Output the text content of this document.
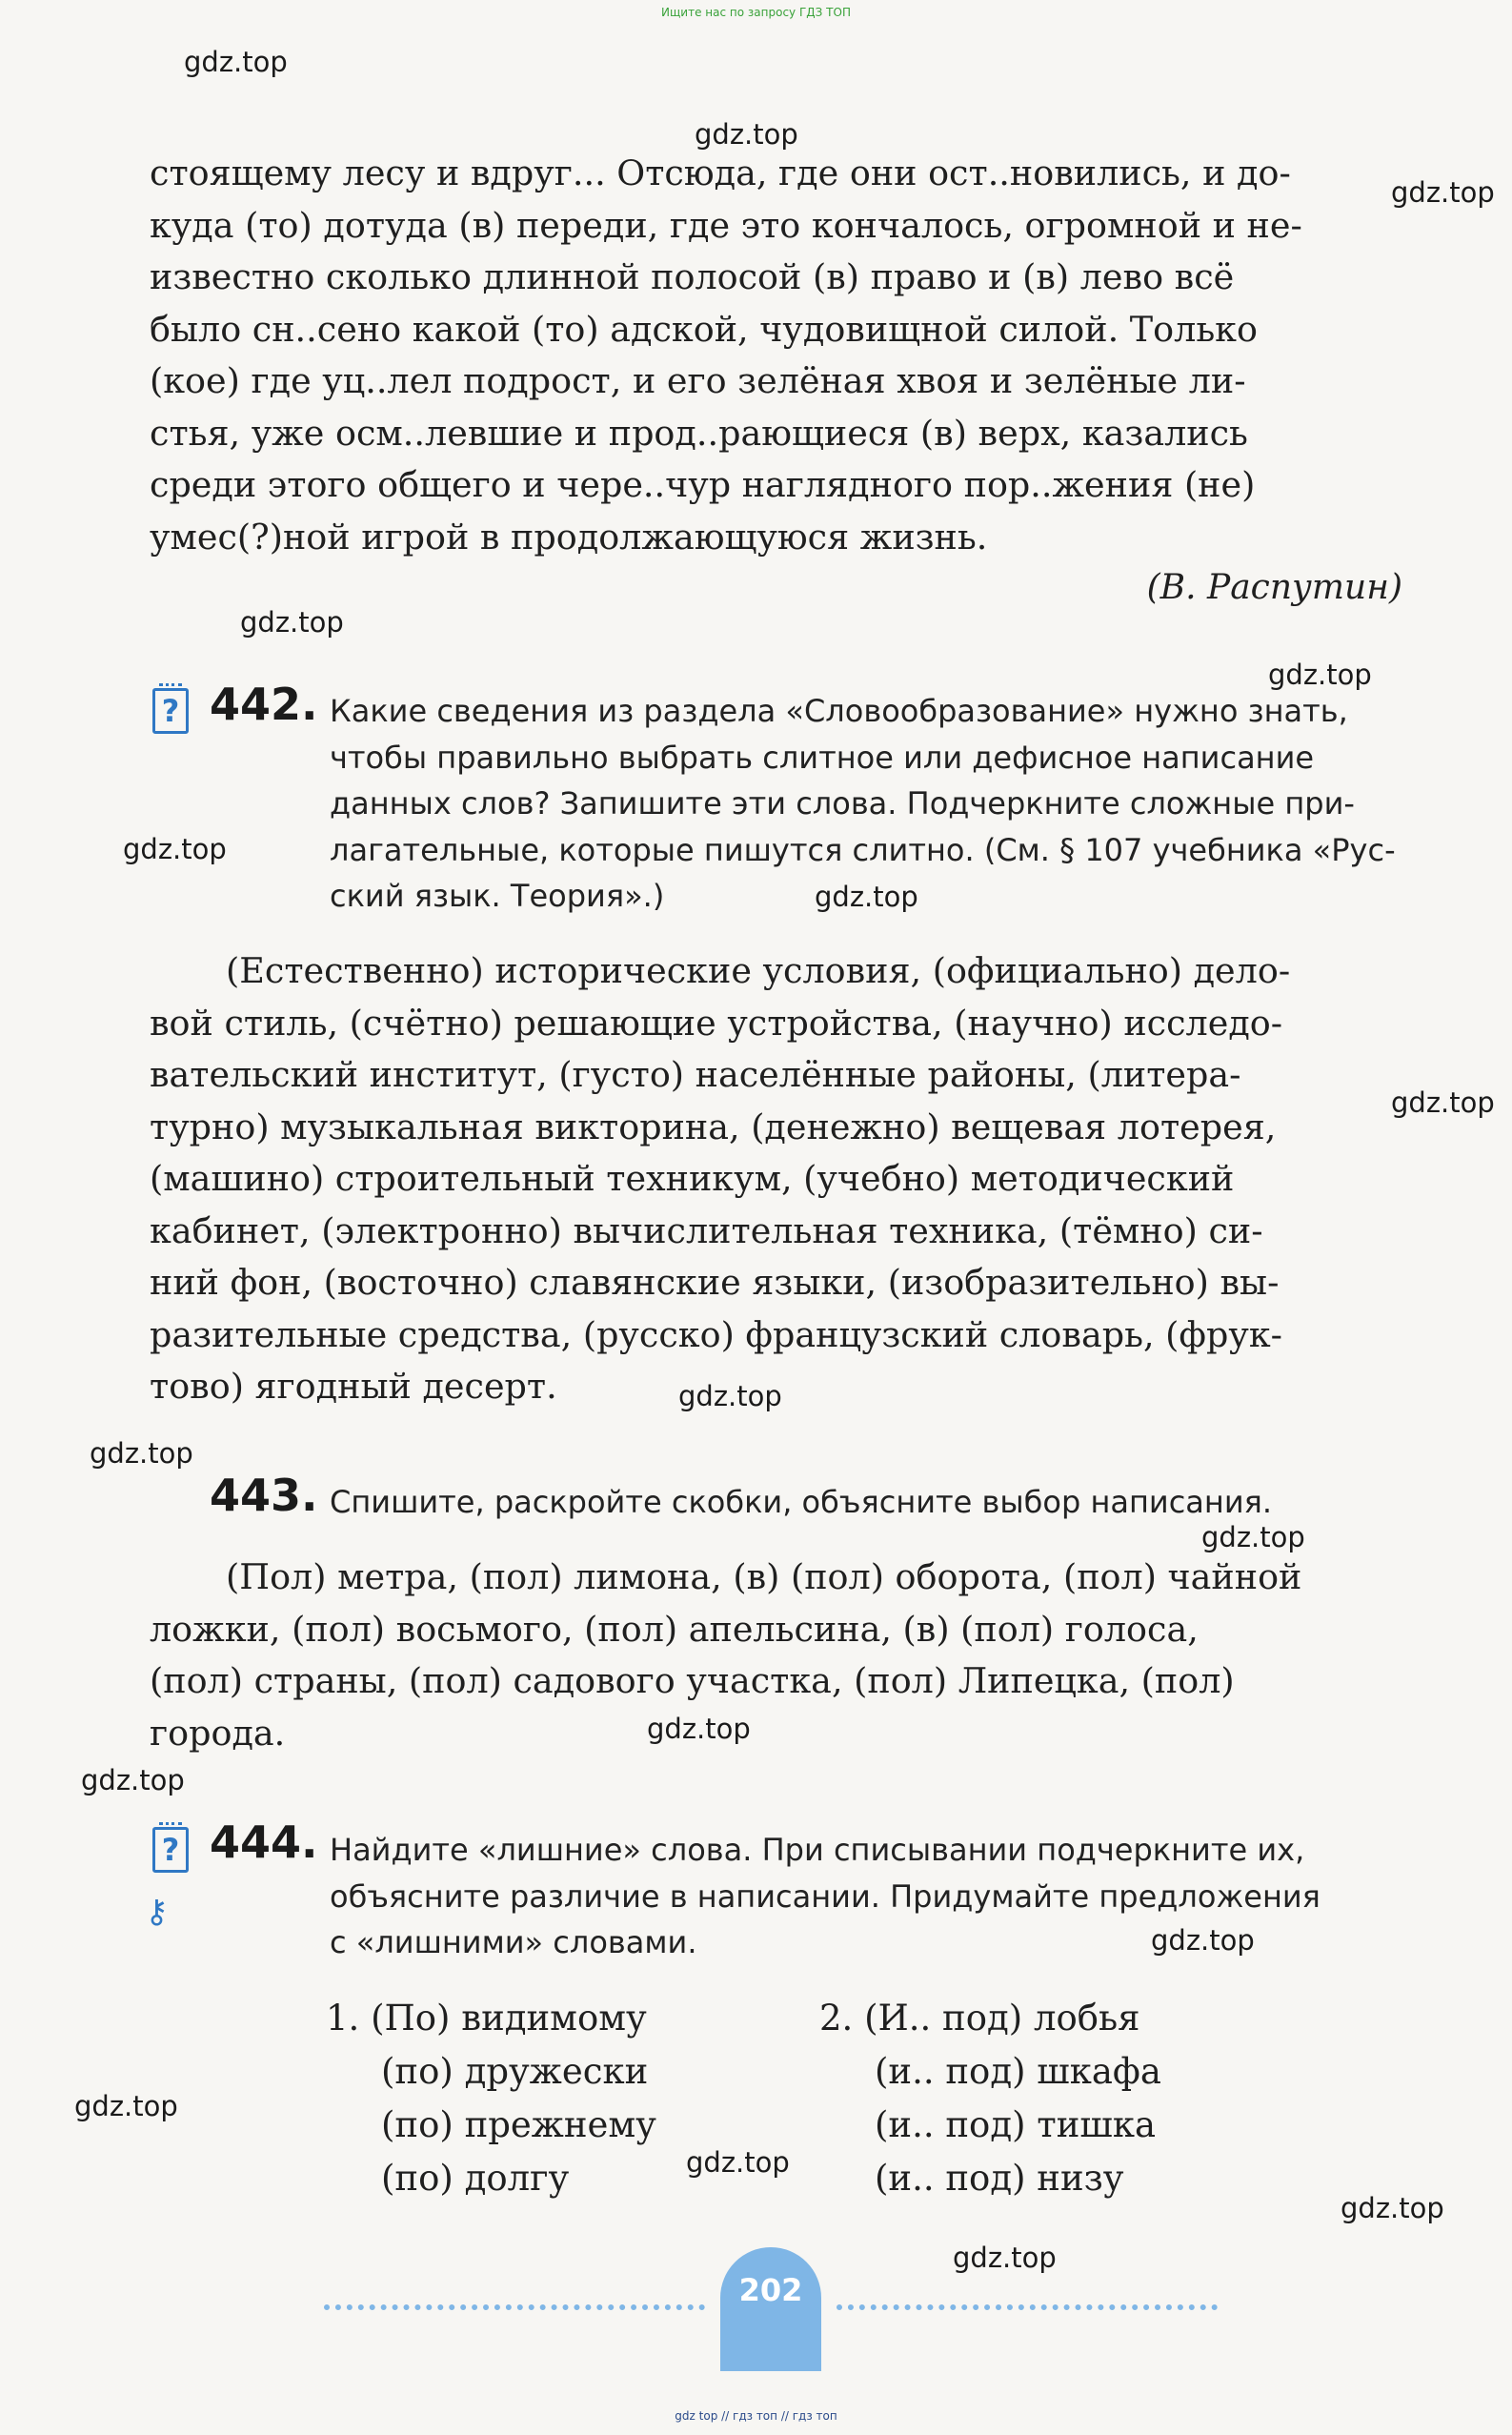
Ищите нас по запросу ГДЗ ТОП
gdz.top
gdz.top
gdz.top
gdz.top
gdz.top
gdz.top
gdz.top
gdz.top
gdz.top
gdz.top
gdz.top
gdz.top
gdz.top
gdz.top
gdz.top
gdz.top
gdz.top
gdz.top
стоящему лесу и вдруг... Отсюда, где они ост..новились, и до-
куда (то) дотуда (в) переди, где это кончалось, огромной и не-
известно сколько длинной полосой (в) право и (в) лево всё
было сн..сено какой (то) адской, чудовищной силой. Только
(кое) где уц..лел подрост, и его зелёная хвоя и зелёные ли-
стья, уже осм..левшие и прод..рающиеся (в) верх, казались
среди этого общего и чере..чур наглядного пор..жения (не)
умес(?)ной игрой в продолжающуюся жизнь.
(В. Распутин)
? 442. Какие сведения из раздела «Словообразование» нужно знать,
чтобы правильно выбрать слитное или дефисное написание
данных слов? Запишите эти слова. Подчеркните сложные при-
лагательные, которые пишутся слитно. (См. § 107 учебника «Рус-
ский язык. Теория».)
(Естественно) исторические условия, (официально) дело-
вой стиль, (счётно) решающие устройства, (научно) исследо-
вательский институт, (густо) населённые районы, (литера-
турно) музыкальная викторина, (денежно) вещевая лотерея,
(машино) строительный техникум, (учебно) методический
кабинет, (электронно) вычислительная техника, (тёмно) си-
ний фон, (восточно) славянские языки, (изобразительно) вы-
разительные средства, (русско) французский словарь, (фрук-
тово) ягодный десерт.
443. Спишите, раскройте скобки, объясните выбор написания.
(Пол) метра, (пол) лимона, (в) (пол) оборота, (пол) чайной
ложки, (пол) восьмого, (пол) апельсина, (в) (пол) голоса,
(пол) страны, (пол) садового участка, (пол) Липецка, (пол)
города.
?
⚷
444. Найдите «лишние» слова. При списывании подчеркните их,
объясните различие в написании. Придумайте предложения
с «лишними» словами.
1. (По) видимому
(по) дружески
(по) прежнему
(по) долгу
2. (И.. под) лобья
(и.. под) шкафа
(и.. под) тишка
(и.. под) низу
202
gdz top // гдз топ // гдз топ
